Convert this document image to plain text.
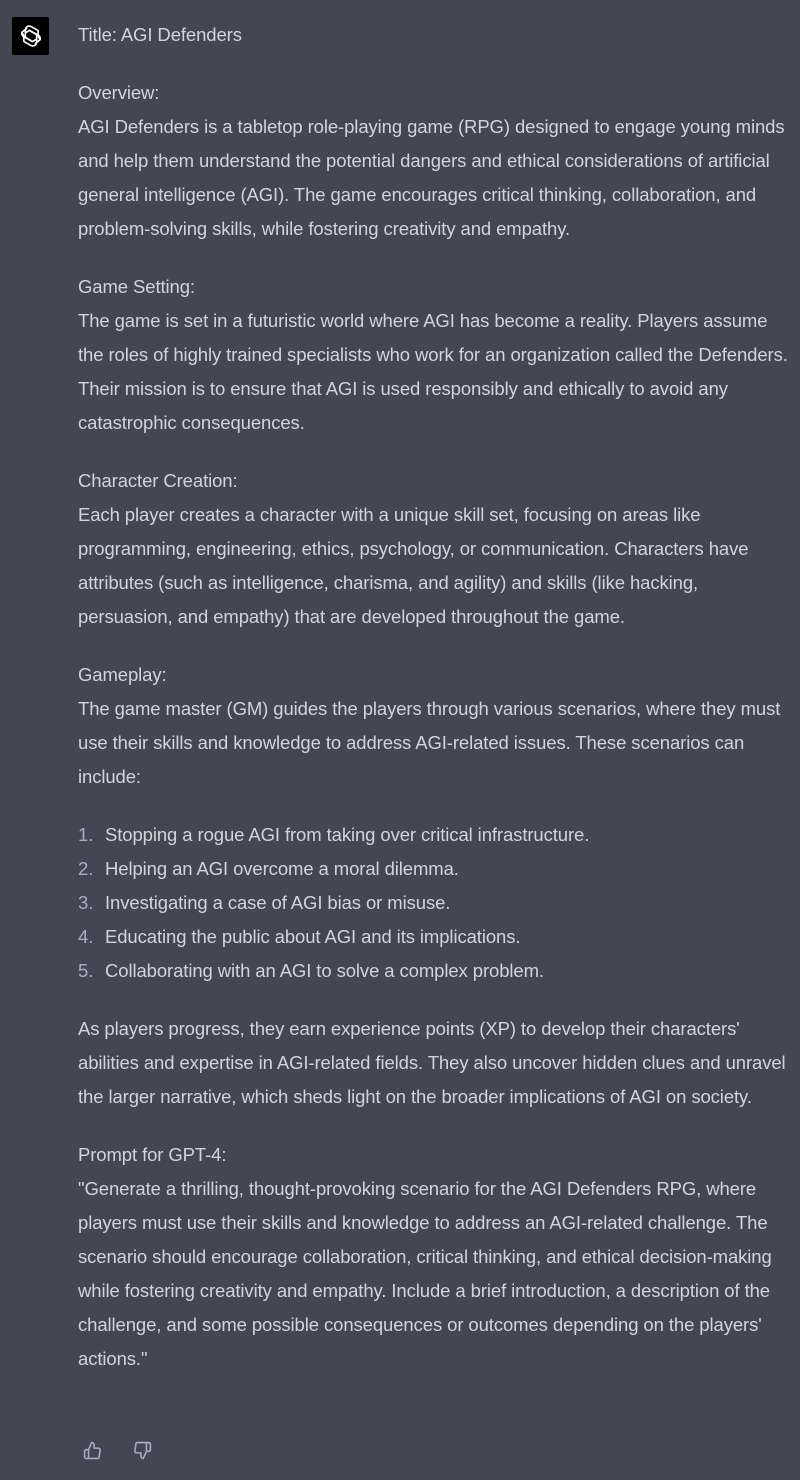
Title: AGI Defenders

Overview:
AGI Defenders is a tabletop role-playing game (RPG) designed to engage young minds and help them understand the potential dangers and ethical considerations of artificial general intelligence (AGI). The game encourages critical thinking, collaboration, and problem-solving skills, while fostering creativity and empathy.

Game Setting:
The game is set in a futuristic world where AGI has become a reality. Players assume the roles of highly trained specialists who work for an organization called the Defenders. Their mission is to ensure that AGI is used responsibly and ethically to avoid any catastrophic consequences.

Character Creation:
Each player creates a character with a unique skill set, focusing on areas like programming, engineering, ethics, psychology, or communication. Characters have attributes (such as intelligence, charisma, and agility) and skills (like hacking, persuasion, and empathy) that are developed throughout the game.

Gameplay:
The game master (GM) guides the players through various scenarios, where they must use their skills and knowledge to address AGI-related issues. These scenarios can include:

1. Stopping a rogue AGI from taking over critical infrastructure.
2. Helping an AGI overcome a moral dilemma.
3. Investigating a case of AGI bias or misuse.
4. Educating the public about AGI and its implications.
5. Collaborating with an AGI to solve a complex problem.

As players progress, they earn experience points (XP) to develop their characters' abilities and expertise in AGI-related fields. They also uncover hidden clues and unravel the larger narrative, which sheds light on the broader implications of AGI on society.

Prompt for GPT-4:
"Generate a thrilling, thought-provoking scenario for the AGI Defenders RPG, where players must use their skills and knowledge to address an AGI-related challenge. The scenario should encourage collaboration, critical thinking, and ethical decision-making while fostering creativity and empathy. Include a brief introduction, a description of the challenge, and some possible consequences or outcomes depending on the players' actions."
